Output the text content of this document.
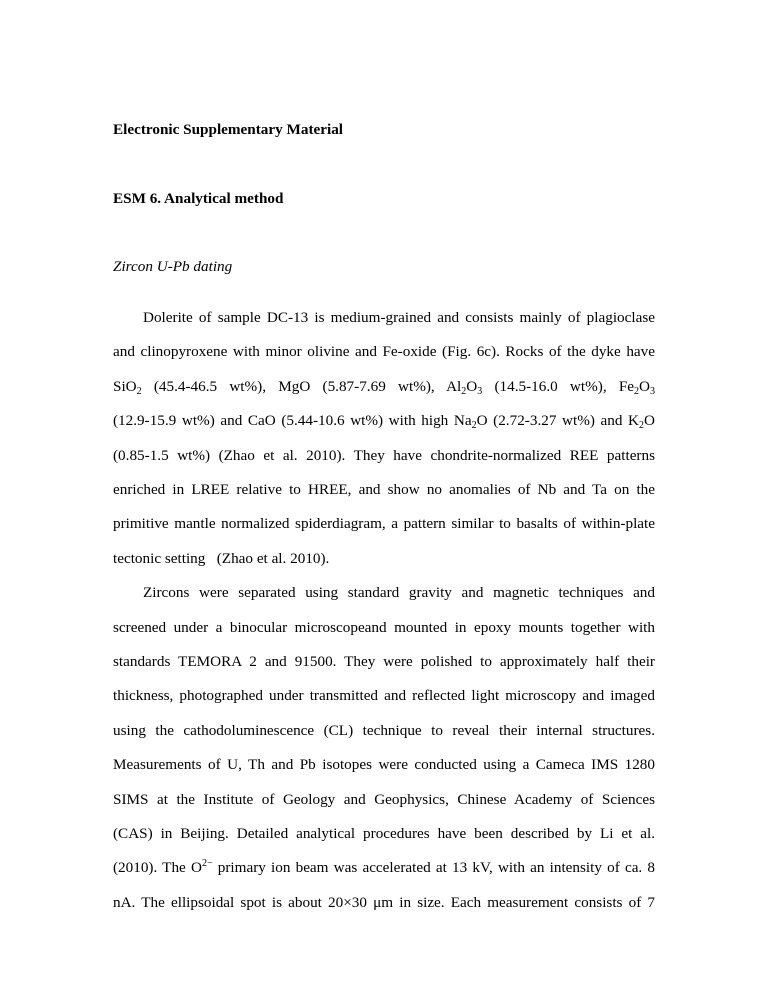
Electronic Supplementary Material
ESM 6. Analytical method
Zircon U-Pb dating
Dolerite of sample DC-13 is medium-grained and consists mainly of plagioclase
and clinopyroxene with minor olivine and Fe-oxide (Fig. 6c). Rocks of the dyke have
SiO$_2$ (45.4-46.5 wt%), MgO (5.87-7.69 wt%), $Al_2O_3$ (14.5-16.0 wt%), $Fe_2O_3$
(12.9-15.9 wt%) and CaO (5.44-10.6 wt%) with high $Na_2O$ (2.72-3.27 wt%) and $K_2O$
(0.85-1.5 wt%) (Zhao et al. 2010). They have chondrite-normalized REE patterns
enriched in LREE relative to HREE, and show no anomalies of Nb and Ta on the
primitive mantle normalized spiderdiagram, a pattern similar to basalts of within-plate
tectonic setting   (Zhao et al. 2010).
Zircons were separated using standard gravity and magnetic techniques and
screened under a binocular microscopeand mounted in epoxy mounts together with
standards TEMORA 2 and 91500. They were polished to approximately half their
thickness, photographed under transmitted and reflected light microscopy and imaged
using the cathodoluminescence (CL) technique to reveal their internal structures.
Measurements of U, Th and Pb isotopes were conducted using a Cameca IMS 1280
SIMS at the Institute of Geology and Geophysics, Chinese Academy of Sciences
(CAS) in Beijing. Detailed analytical procedures have been described by Li et al.
(2010). The $O^{2-}$ primary ion beam was accelerated at 13 kV, with an intensity of ca. 8
nA. The ellipsoidal spot is about 20×30 μm in size. Each measurement consists of 7
